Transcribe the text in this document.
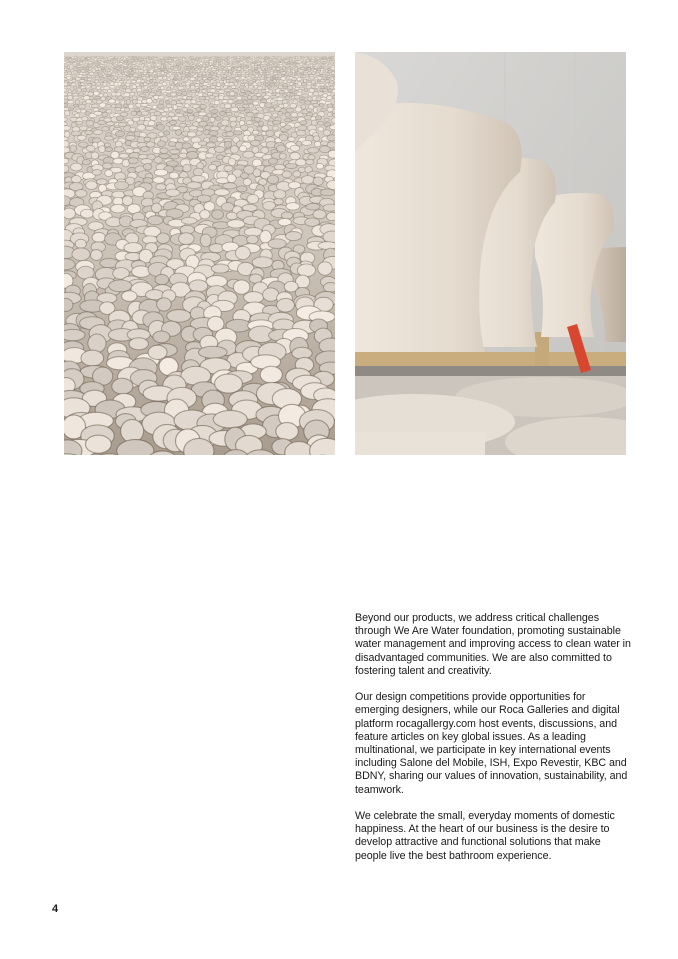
Beyond our products, we address critical challenges through We Are Water foundation, promoting sustainable water management and improving access to clean water in disadvantaged communities. We are also committed to fostering talent and creativity.

Our design competitions provide opportunities for emerging designers, while our Roca Galleries and digital platform rocagallergy.com host events, discussions, and feature articles on key global issues. As a leading multinational, we participate in key international events including Salone del Mobile, ISH, Expo Revestir, KBC and BDNY, sharing our values of innovation, sustainability, and teamwork.

We celebrate the small, everyday moments of domestic happiness. At the heart of our business is the desire to develop attractive and functional solutions that make people live the best bathroom experience.

4
